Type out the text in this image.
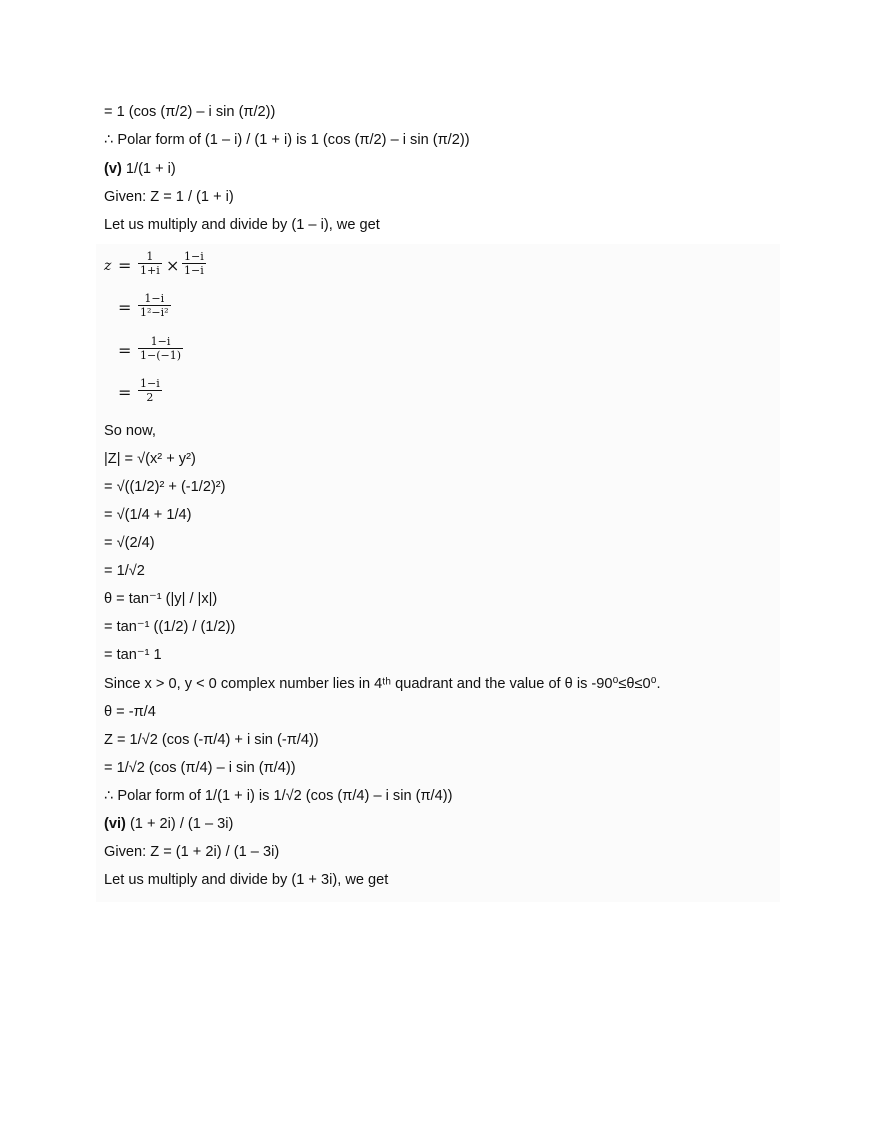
= 1 (cos (π/2) – i sin (π/2))
∴ Polar form of (1 – i) / (1 + i) is 1 (cos (π/2) – i sin (π/2))
(v) 1/(1 + i)
Given: Z = 1 / (1 + i)
Let us multiply and divide by (1 – i), we get
$z = \frac{1}{1+i} \times \frac{1-i}{1-i}$
= $\frac{1-i}{\text{1²−i²}}$
= $\frac{1-i}{1-(-1)}$
= $\frac{1-i}{2}$
So now,
|Z| = √(x² + y²)
= √((1/2)² + (-1/2)²)
= √(1/4 + 1/4)
= √(2/4)
= 1/√2
θ = tan⁻¹ (|y| / |x|)
= tan⁻¹ ((1/2) / (1/2))
= tan⁻¹ 1
Since x > 0, y < 0 complex number lies in 4ᵗʰ quadrant and the value of θ is -90⁰≤θ≤0⁰.
θ = -π/4
Z = 1/√2 (cos (-π/4) + i sin (-π/4))
= 1/√2 (cos (π/4) – i sin (π/4))
∴ Polar form of 1/(1 + i) is 1/√2 (cos (π/4) – i sin (π/4))
(vi) (1 + 2i) / (1 – 3i)
Given: Z = (1 + 2i) / (1 – 3i)
Let us multiply and divide by (1 + 3i), we get
